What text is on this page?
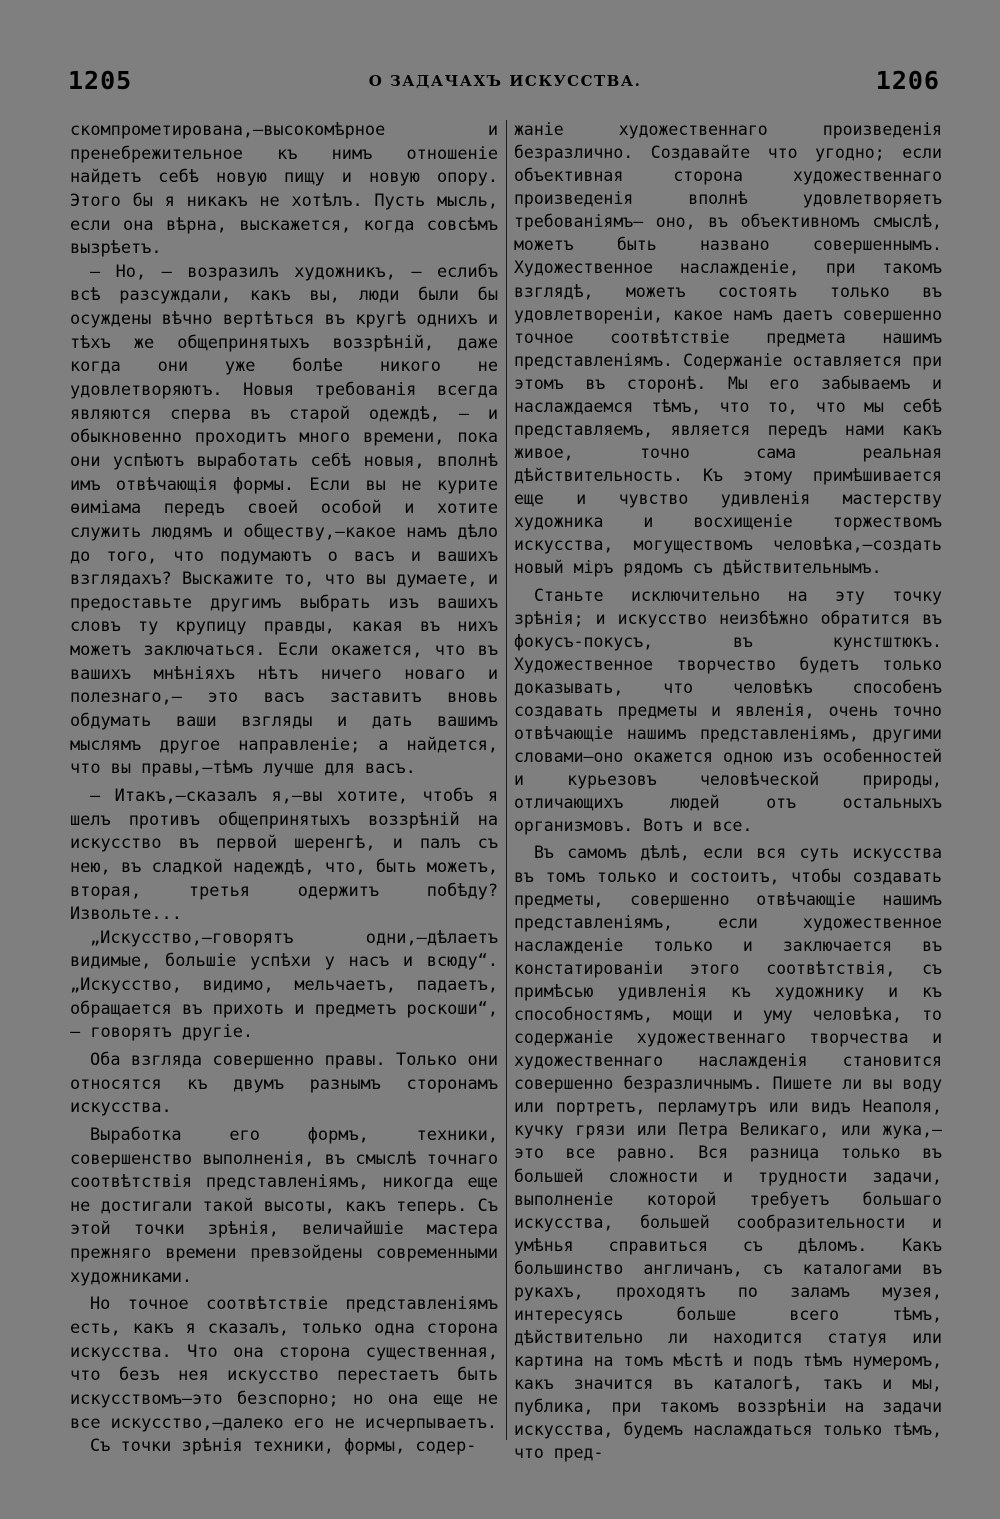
1205	О ЗАДАЧАХЪ ИСКУССТВА.	1206

скомпрометирована,—высокомѣрное и пренебрежительное къ нимъ отношеніе найдетъ себѣ новую пищу и новую опору. Этого бы я никакъ не хотѣлъ. Пусть мысль, если она вѣрна, выскажется, когда совсѣмъ вызрѣетъ.

— Но, — возразилъ художникъ, — еслибъ всѣ разсуждали, какъ вы, люди были бы осуждены вѣчно вертѣться въ кругѣ однихъ и тѣхъ же общепринятыхъ воззрѣній, даже когда они уже болѣе никого не удовлетворяютъ. Новыя требованія всегда являются сперва въ старой одеждѣ, — и обыкновенно проходитъ много времени, пока они успѣютъ выработать себѣ новыя, вполнѣ имъ отвѣчающія формы. Если вы не курите ѳиміама передъ своей особой и хотите служить людямъ и обществу,—какое намъ дѣло до того, что подумаютъ о васъ и вашихъ взглядахъ? Выскажите то, что вы думаете, и предоставьте другимъ выбрать изъ вашихъ словъ ту крупицу правды, какая въ нихъ можетъ заключаться. Если окажется, что въ вашихъ мнѣніяхъ нѣтъ ничего новаго и полезнаго,— это васъ заставитъ вновь обдумать ваши взгляды и дать вашимъ мыслямъ другое направленіе; а найдется, что вы правы,—тѣмъ лучше для васъ.

— Итакъ,—сказалъ я,—вы хотите, чтобъ я шелъ противъ общепринятыхъ воззрѣній на искусство въ первой шеренгѣ, и палъ съ нею, въ сладкой надеждѣ, что, быть можетъ, вторая, третья одержитъ побѣду? Извольте...

„Искусство,—говорятъ одни,—дѣлаетъ видимые, большіе успѣхи у насъ и всюду“. „Искусство, видимо, мельчаетъ, падаетъ, обращается въ прихоть и предметъ роскоши“,— говорятъ другіе.

Оба взгляда совершенно правы. Только они относятся къ двумъ разнымъ сторонамъ искусства.

Выработка его формъ, техники, совершенство выполненія, въ смыслѣ точнаго соотвѣтствія представленіямъ, никогда еще не достигали такой высоты, какъ теперь. Съ этой точки зрѣнія, величайшіе мастера прежняго времени превзойдены современными художниками.

Но точное соотвѣтствіе представленіямъ есть, какъ я сказалъ, только одна сторона искусства. Что она сторона существенная, что безъ нея искусство перестаетъ быть искусствомъ—это безспорно; но она еще не все искусство,—далеко его не исчерпываетъ.

Съ точки зрѣнія техники, формы, содер-

жаніе художественнаго произведенія безразлично. Создавайте что угодно; если объективная сторона художественнаго произведенія вполнѣ удовлетворяетъ требованіямъ— оно, въ объективномъ смыслѣ, можетъ быть названо совершеннымъ. Художественное наслажденіе, при такомъ взглядѣ, можетъ состоять только въ удовлетвореніи, какое намъ даетъ совершенно точное соотвѣтствіе предмета нашимъ представленіямъ. Содержаніе оставляется при этомъ въ сторонѣ. Мы его забываемъ и наслаждаемся тѣмъ, что то, что мы себѣ представляемъ, является передъ нами какъ живое, точно сама реальная дѣйствительность. Къ этому примѣшивается еще и чувство удивленія мастерству художника и восхищеніе торжествомъ искусства, могуществомъ человѣка,—создать новый міръ рядомъ съ дѣйствительнымъ.

Станьте исключительно на эту точку зрѣнія; и искусство неизбѣжно обратится въ фокусъ-покусъ, въ кунстштюкъ. Художественное творчество будетъ только доказывать, что человѣкъ способенъ создавать предметы и явленія, очень точно отвѣчающіе нашимъ представленіямъ, другими словами—оно окажется одною изъ особенностей и курьезовъ человѣческой природы, отличающихъ людей отъ остальныхъ организмовъ. Вотъ и все.

Въ самомъ дѣлѣ, если вся суть искусства въ томъ только и состоитъ, чтобы создавать предметы, совершенно отвѣчающіе нашимъ представленіямъ, если художественное наслажденіе только и заключается въ констатированіи этого соотвѣтствія, съ примѣсью удивленія къ художнику и къ способностямъ, мощи и уму человѣка, то содержаніе художественнаго творчества и художественнаго наслажденія становится совершенно безразличнымъ. Пишете ли вы воду или портретъ, перламутръ или видъ Неаполя, кучку грязи или Петра Великаго, или жука,—это все равно. Вся разница только въ большей сложности и трудности задачи, выполненіе которой требуетъ большаго искусства, большей сообразительности и умѣнья справиться съ дѣломъ. Какъ большинство англичанъ, съ каталогами въ рукахъ, проходятъ по заламъ музея, интересуясь больше всего тѣмъ, дѣйствительно ли находится статуя или картина на томъ мѣстѣ и подъ тѣмъ нумеромъ, какъ значится въ каталогѣ, такъ и мы, публика, при такомъ воззрѣніи на задачи искусства, будемъ наслаждаться только тѣмъ, что пред-
